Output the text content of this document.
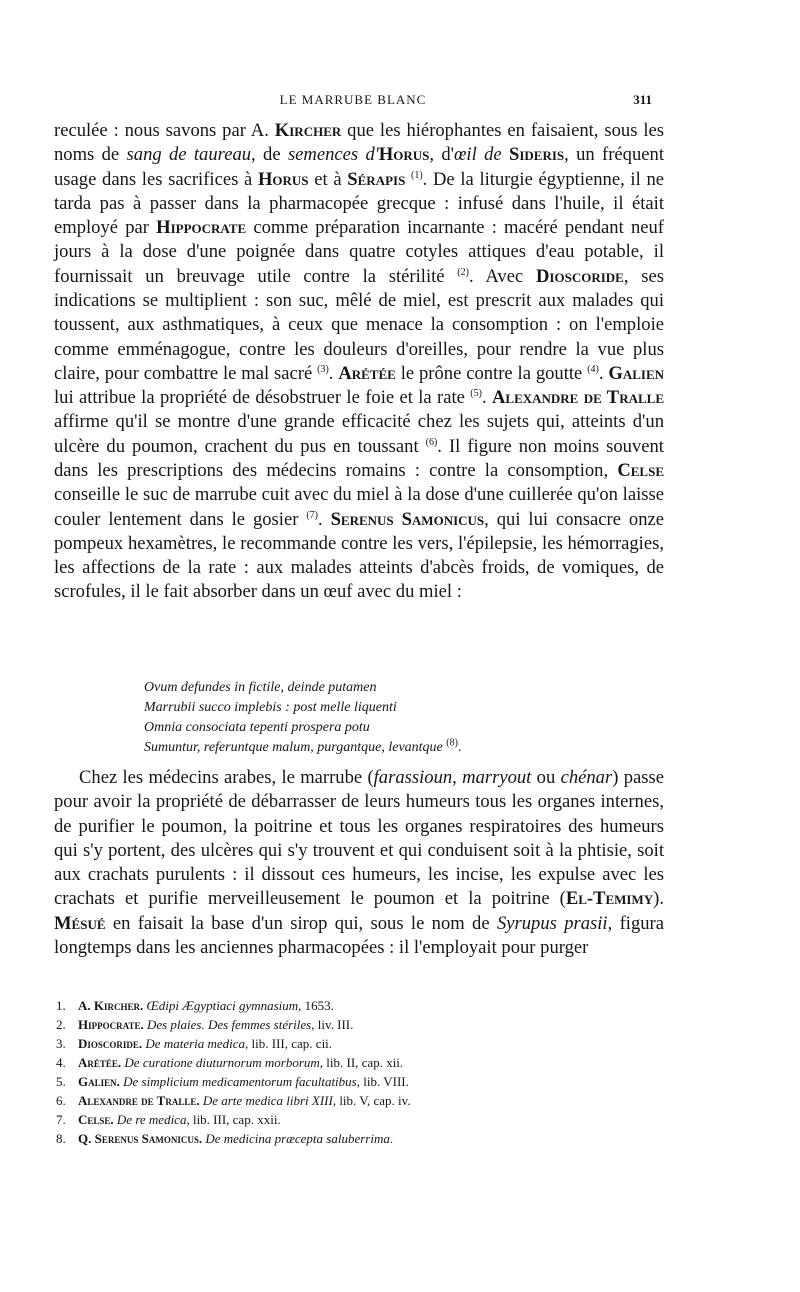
LE MARRUBE BLANC	311

reculée : nous savons par A. Kircher que les hiérophantes en faisaient, sous les noms de sang de taureau, de semences d'Horus, d'œil de Sideris, un fréquent usage dans les sacrifices à Horus et à Sérapis $^{(1)}$. De la liturgie égyptienne, il ne tarda pas à passer dans la pharmacopée grecque : infusé dans l'huile, il était employé par Hippocrate comme préparation incarnante : macéré pendant neuf jours à la dose d'une poignée dans quatre cotyles attiques d'eau potable, il fournissait un breuvage utile contre la stérilité $^{(2)}$. Avec Dioscoride, ses indications se multiplient : son suc, mêlé de miel, est prescrit aux malades qui toussent, aux asthmatiques, à ceux que menace la consomption : on l'emploie comme emménagogue, contre les douleurs d'oreilles, pour rendre la vue plus claire, pour combattre le mal sacré $^{(3)}$. Arétée le prône contre la goutte $^{(4)}$. Galien lui attribue la propriété de désobstruer le foie et la rate $^{(5)}$. Alexandre de Tralle affirme qu'il se montre d'une grande efficacité chez les sujets qui, atteints d'un ulcère du poumon, crachent du pus en toussant $^{(6)}$. Il figure non moins souvent dans les prescriptions des médecins romains : contre la consomption, Celse conseille le suc de marrube cuit avec du miel à la dose d'une cuillerée qu'on laisse couler lentement dans le gosier $^{(7)}$. Serenus Samonicus, qui lui consacre onze pompeux hexamètres, le recommande contre les vers, l'épilepsie, les hémorragies, les affections de la rate : aux malades atteints d'abcès froids, de vomiques, de scrofules, il le fait absorber dans un œuf avec du miel :

Ovum defundes in fictile, deinde putamen
Marrubii succo implebis : post melle liquenti
Omnia consociata tepenti prospera potu
Sumuntur, referuntque malum, purgantque, levantque $^{(8)}$.

Chez les médecins arabes, le marrube (farassioun, marryout ou chénar) passe pour avoir la propriété de débarrasser de leurs humeurs tous les organes internes, de purifier le poumon, la poitrine et tous les organes respiratoires des humeurs qui s'y portent, des ulcères qui s'y trouvent et qui conduisent soit à la phtisie, soit aux crachats purulents : il dissout ces humeurs, les incise, les expulse avec les crachats et purifie merveilleusement le poumon et la poitrine (El-Temimy). Mésué en faisait la base d'un sirop qui, sous le nom de Syrupus prasii, figura longtemps dans les anciennes pharmacopées : il l'employait pour purger

1. A. Kircher. Œdipi Ægyptiaci gymnasium, 1653.
2. Hippocrate. Des plaies. Des femmes stériles, liv. III.
3. Dioscoride. De materia medica, lib. III, cap. cii.
4. Arétée. De curatione diuturnorum morborum, lib. II, cap. xii.
5. Galien. De simplicium medicamentorum facultatibus, lib. VIII.
6. Alexandre de Tralle. De arte medica libri XIII, lib. V, cap. iv.
7. Celse. De re medica, lib. III, cap. xxii.
8. Q. Serenus Samonicus. De medicina præcepta saluberrima.
